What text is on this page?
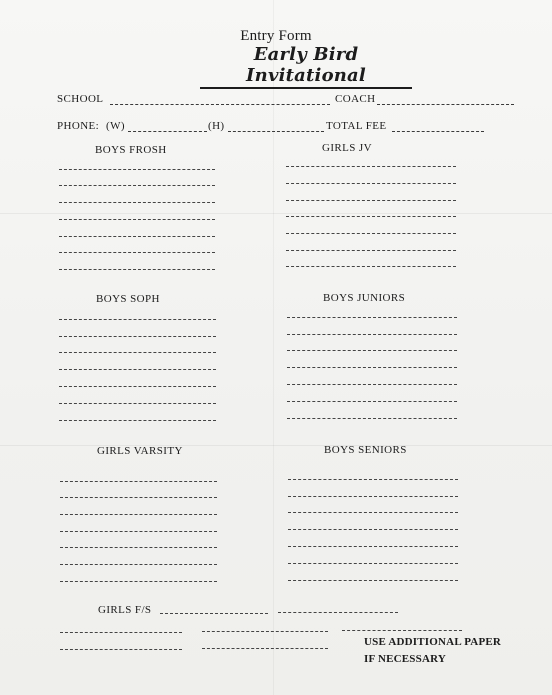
Entry Form
Early Bird Invitational
SCHOOL	COACH
PHONE: (W)	(H)	TOTAL FEE
BOYS FROSH	GIRLS JV
BOYS SOPH	BOYS JUNIORS
GIRLS VARSITY	BOYS SENIORS
GIRLS F/S
USE ADDITIONAL PAPER
IF NECESSARY
